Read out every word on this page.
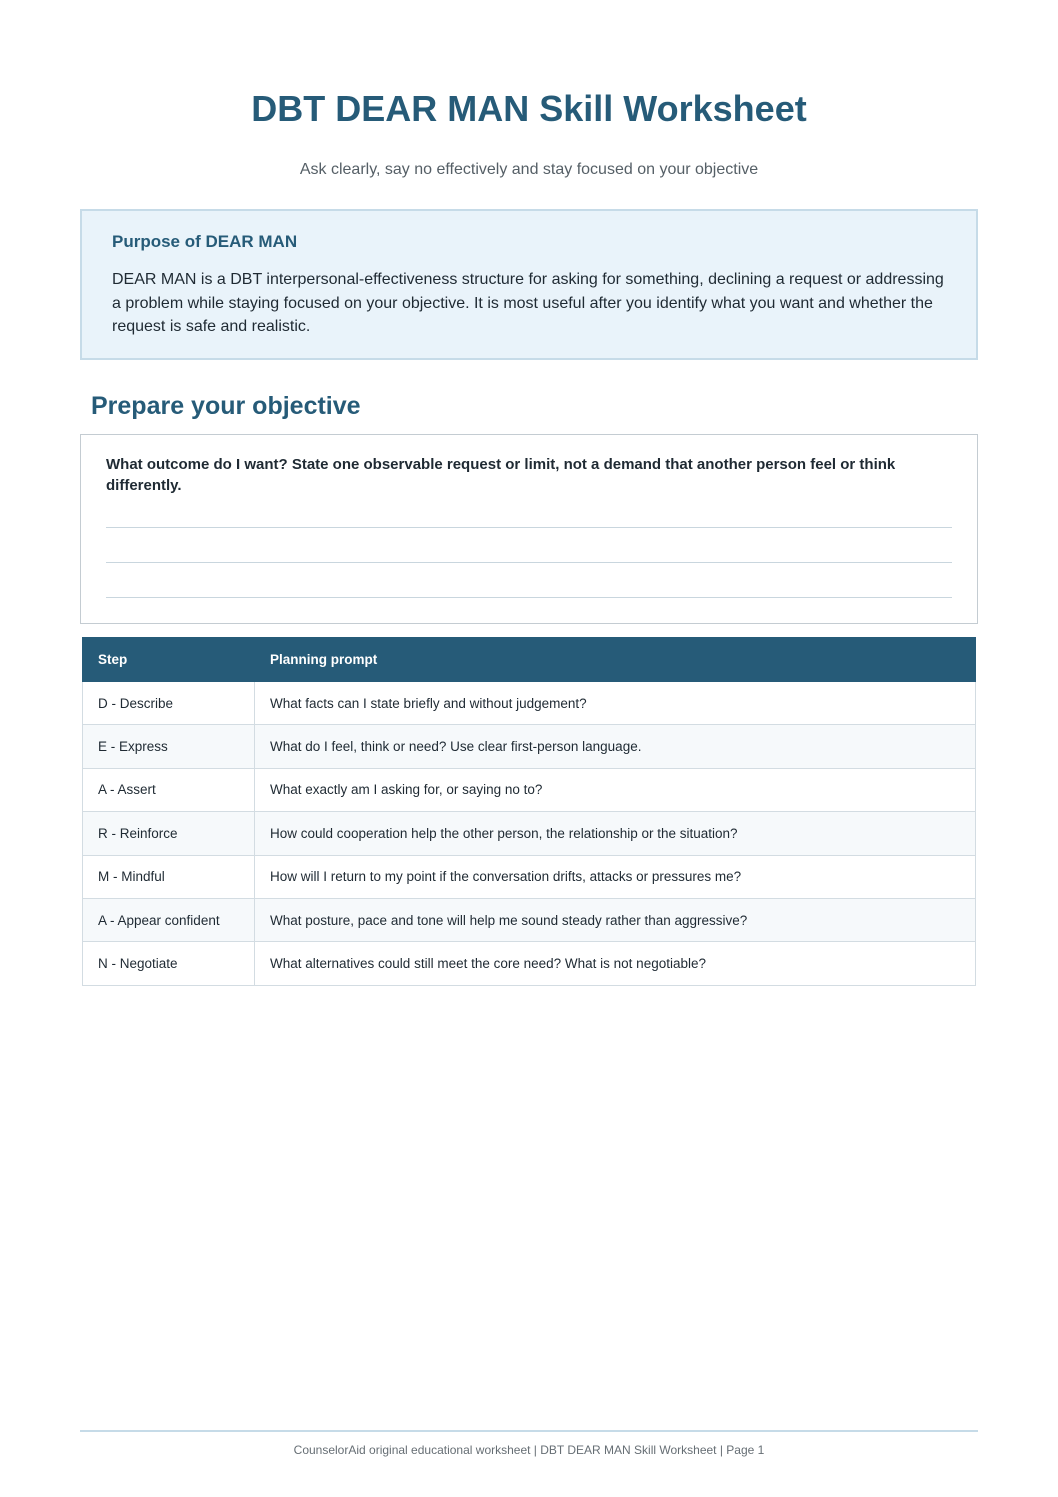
DBT DEAR MAN Skill Worksheet

Ask clearly, say no effectively and stay focused on your objective

Purpose of DEAR MAN

DEAR MAN is a DBT interpersonal-effectiveness structure for asking for something, declining a request or addressing a problem while staying focused on your objective. It is most useful after you identify what you want and whether the request is safe and realistic.

Prepare your objective

What outcome do I want? State one observable request or limit, not a demand that another person feel or think differently.

Step	Planning prompt
D - Describe	What facts can I state briefly and without judgement?
E - Express	What do I feel, think or need? Use clear first-person language.
A - Assert	What exactly am I asking for, or saying no to?
R - Reinforce	How could cooperation help the other person, the relationship or the situation?
M - Mindful	How will I return to my point if the conversation drifts, attacks or pressures me?
A - Appear confident	What posture, pace and tone will help me sound steady rather than aggressive?
N - Negotiate	What alternatives could still meet the core need? What is not negotiable?

CounselorAid original educational worksheet | DBT DEAR MAN Skill Worksheet | Page 1
